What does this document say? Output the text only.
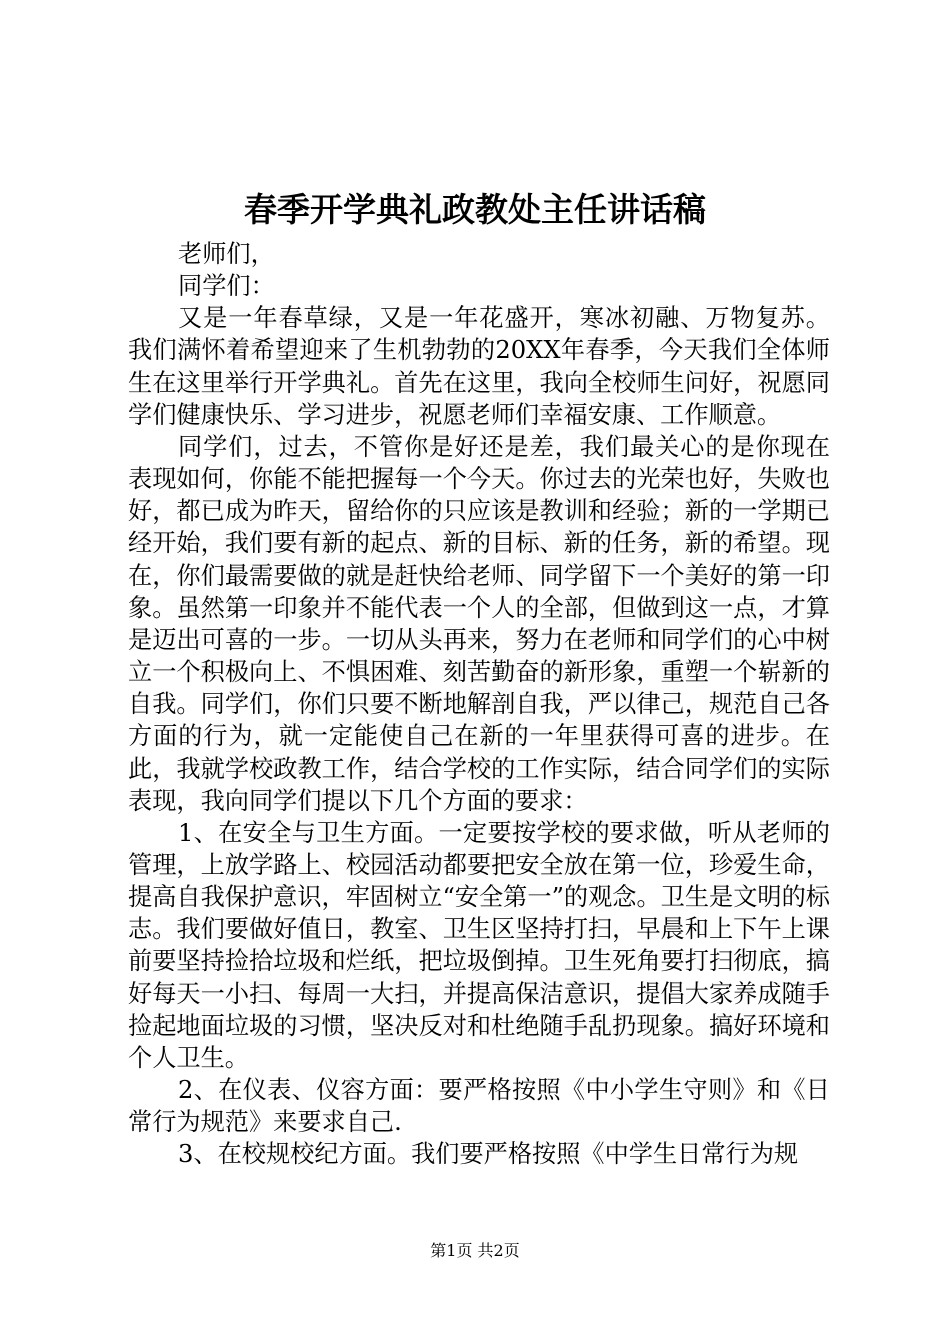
春季开学典礼政教处主任讲话稿

老师们，

同学们：

又是一年春草绿，又是一年花盛开，寒冰初融、万物复苏。我们满怀着希望迎来了生机勃勃的20XX年春季，今天我们全体师生在这里举行开学典礼。首先在这里，我向全校师生问好，祝愿同学们健康快乐、学习进步，祝愿老师们幸福安康、工作顺意。

同学们，过去，不管你是好还是差，我们最关心的是你现在表现如何，你能不能把握每一个今天。你过去的光荣也好，失败也好，都已成为昨天，留给你的只应该是教训和经验；新的一学期已经开始，我们要有新的起点、新的目标、新的任务，新的希望。现在，你们最需要做的就是赶快给老师、同学留下一个美好的第一印象。虽然第一印象并不能代表一个人的全部，但做到这一点，才算是迈出可喜的一步。一切从头再来，努力在老师和同学们的心中树立一个积极向上、不惧困难、刻苦勤奋的新形象，重塑一个崭新的自我。同学们，你们只要不断地解剖自我，严以律己，规范自己各方面的行为，就一定能使自己在新的一年里获得可喜的进步。在此，我就学校政教工作，结合学校的工作实际，结合同学们的实际表现，我向同学们提以下几个方面的要求：

1、在安全与卫生方面。一定要按学校的要求做，听从老师的管理，上放学路上、校园活动都要把安全放在第一位，珍爱生命，提高自我保护意识，牢固树立“安全第一”的观念。卫生是文明的标志。我们要做好值日，教室、卫生区坚持打扫，早晨和上下午上课前要坚持捡拾垃圾和烂纸，把垃圾倒掉。卫生死角要打扫彻底，搞好每天一小扫、每周一大扫，并提高保洁意识，提倡大家养成随手捡起地面垃圾的习惯，坚决反对和杜绝随手乱扔现象。搞好环境和个人卫生。

2、在仪表、仪容方面：要严格按照《中小学生守则》和《日常行为规范》来要求自己.

3、在校规校纪方面。我们要严格按照《中学生日常行为规

第1页 共2页
